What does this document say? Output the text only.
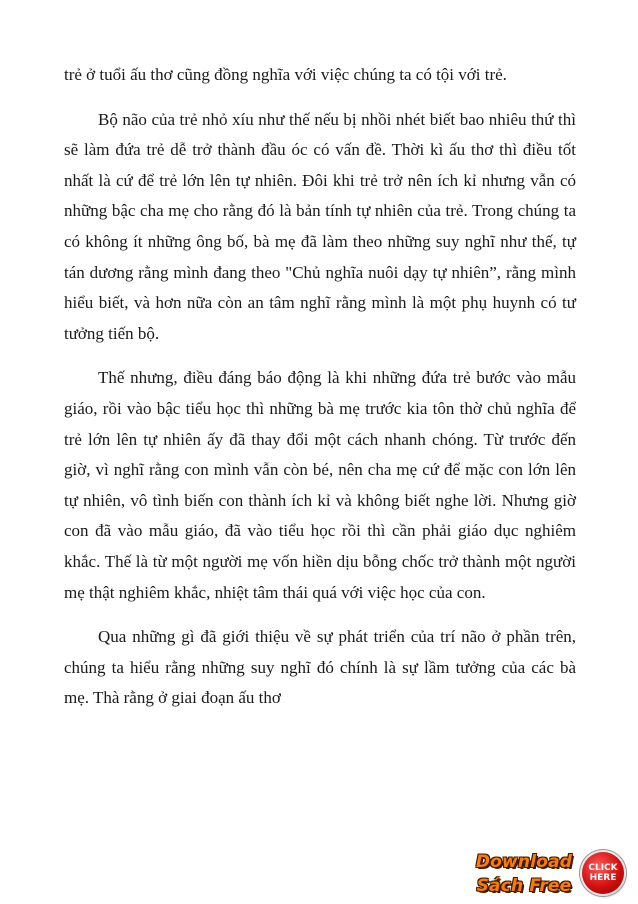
trẻ ở tuổi ấu thơ cũng đồng nghĩa với việc chúng ta có tội với trẻ.

Bộ não của trẻ nhỏ xíu như thế nếu bị nhồi nhét biết bao nhiêu thứ thì sẽ làm đứa trẻ dễ trở thành đầu óc có vấn đề. Thời kì ấu thơ thì điều tốt nhất là cứ để trẻ lớn lên tự nhiên. Đôi khi trẻ trở nên ích kỉ nhưng vẫn có những bậc cha mẹ cho rằng đó là bản tính tự nhiên của trẻ. Trong chúng ta có không ít những ông bố, bà mẹ đã làm theo những suy nghĩ như thế, tự tán dương rằng mình đang theo "Chủ nghĩa nuôi dạy tự nhiên”, rằng mình hiểu biết, và hơn nữa còn an tâm nghĩ rằng mình là một phụ huynh có tư tưởng tiến bộ.

Thế nhưng, điều đáng báo động là khi những đứa trẻ bước vào mẫu giáo, rồi vào bậc tiểu học thì những bà mẹ trước kia tôn thờ chủ nghĩa để trẻ lớn lên tự nhiên ấy đã thay đổi một cách nhanh chóng. Từ trước đến giờ, vì nghĩ rằng con mình vẫn còn bé, nên cha mẹ cứ để mặc con lớn lên tự nhiên, vô tình biến con thành ích kỉ và không biết nghe lời. Nhưng giờ con đã vào mẫu giáo, đã vào tiểu học rồi thì cần phải giáo dục nghiêm khắc. Thế là từ một người mẹ vốn hiền dịu bỗng chốc trở thành một người mẹ thật nghiêm khắc, nhiệt tâm thái quá với việc học của con.

Qua những gì đã giới thiệu về sự phát triển của trí não ở phần trên, chúng ta hiểu rằng những suy nghĩ đó chính là sự lầm tưởng của các bà mẹ. Thà rằng ở giai đoạn ấu thơ

Download
Sách Free
CLICK
HERE
